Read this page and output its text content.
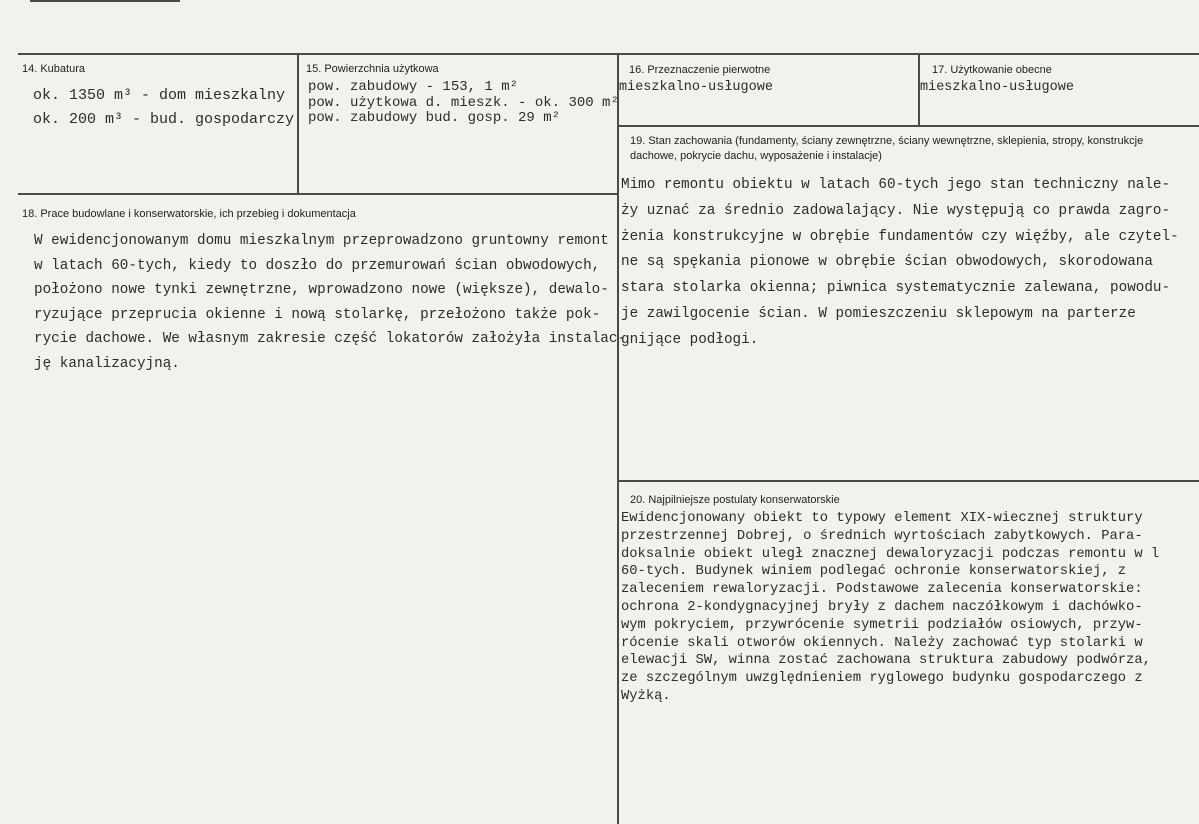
14. Kubatura
ok. 1350 m³ - dom mieszkalny
ok. 200 m³ - bud. gospodarczy
15. Powierzchnia użytkowa
pow. zabudowy - 153, 1 m²
pow. użytkowa d. mieszk. - ok. 300 m²
pow. zabudowy bud. gosp. 29 m²
16. Przeznaczenie pierwotne
mieszkalno-usługowe
17. Użytkowanie obecne
mieszkalno-usługowe
18. Prace budowlane i konserwatorskie, ich przebieg i dokumentacja
W ewidencjonowanym domu mieszkalnym przeprowadzono gruntowny remont
w latach 60-tych, kiedy to doszło do przemurowań ścian obwodowych,
położono nowe tynki zewnętrzne, wprowadzono nowe (większe), dewalo-
ryzujące przeprucia okienne i nową stolarkę, przełożono także pok-
rycie dachowe. We własnym zakresie część lokatorów założyła instalac-
ję kanalizacyjną.
19. Stan zachowania (fundamenty, ściany zewnętrzne, ściany wewnętrzne, sklepienia, stropy, konstrukcje dachowe, pokrycie dachu, wyposażenie i instalacje)
Mimo remontu obiektu w latach 60-tych jego stan techniczny nale-
ży uznać za średnio zadowalający. Nie występują co prawda zagro-
żenia konstrukcyjne w obrębie fundamentów czy więźby, ale czytel-
ne są spękania pionowe w obrębie ścian obwodowych, skorodowana
stara stolarka okienna; piwnica systematycznie zalewana, powodu-
je zawilgocenie ścian. W pomieszczeniu sklepowym na parterze
gnijące podłogi.
20. Najpilniejsze postulaty konserwatorskie
Ewidencjonowany obiekt to typowy element XIX-wiecznej struktury
przestrzennej Dobrej, o średnich wyrtościach zabytkowych. Para-
doksalnie obiekt uległ znacznej dewaloryzacji podczas remontu w l
60-tych. Budynek winiem podlegać ochronie konserwatorskiej, z
zaleceniem rewaloryzacji. Podstawowe zalecenia konserwatorskie:
ochrona 2-kondygnacyjnej bryły z dachem naczółkowym i dachówko-
wym pokryciem, przywrócenie symetrii podziałów osiowych, przyw-
rócenie skali otworów okiennych. Należy zachować typ stolarki w
elewacji SW, winna zostać zachowana struktura zabudowy podwórza,
ze szczególnym uwzględnieniem ryglowego budynku gospodarczego z
Wyżką.
